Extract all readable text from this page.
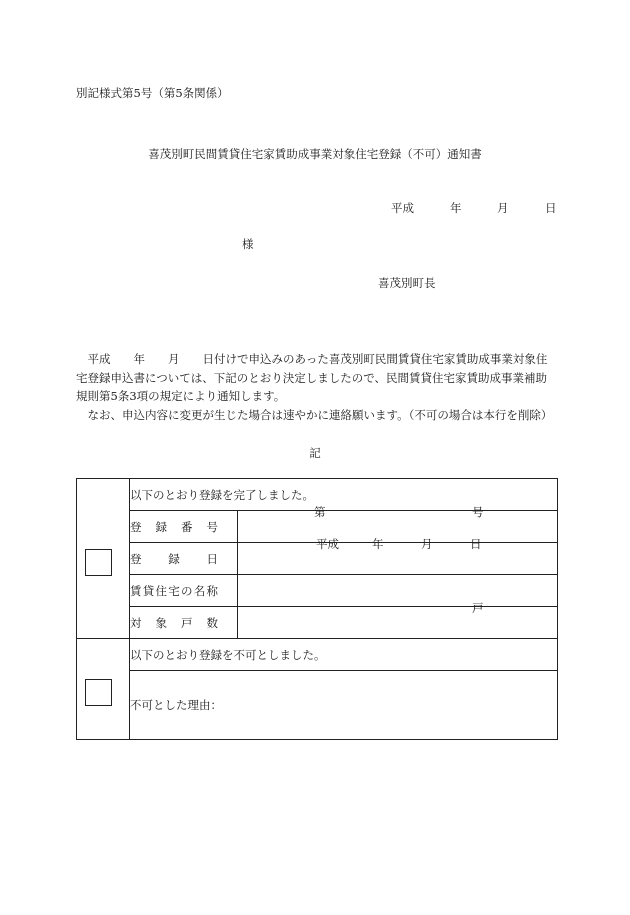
別記様式第5号（第5条関係）
喜茂別町民間賃貸住宅家賃助成事業対象住宅登録（不可）通知書
平成	年	月	日
様
喜茂別町長

平成　　年　　月　　日付けで申込みのあった喜茂別町民間賃貸住宅家賃助成事業対象住宅登録申込書については、下記のとおり決定しましたので、民間賃貸住宅家賃助成事業補助規則第5条3項の規定により通知します。

なお、申込内容に変更が生じた場合は速やかに連絡願います。（不可の場合は本行を削除）

記
	以下のとおり登録を完了しました。	

	登録番号	第 号

	登録日	平成 年 月 日

	賃貸住宅の名称	

	対象戸数	戸

	以下のとおり登録を不可としました。	
	不可とした理由：	
